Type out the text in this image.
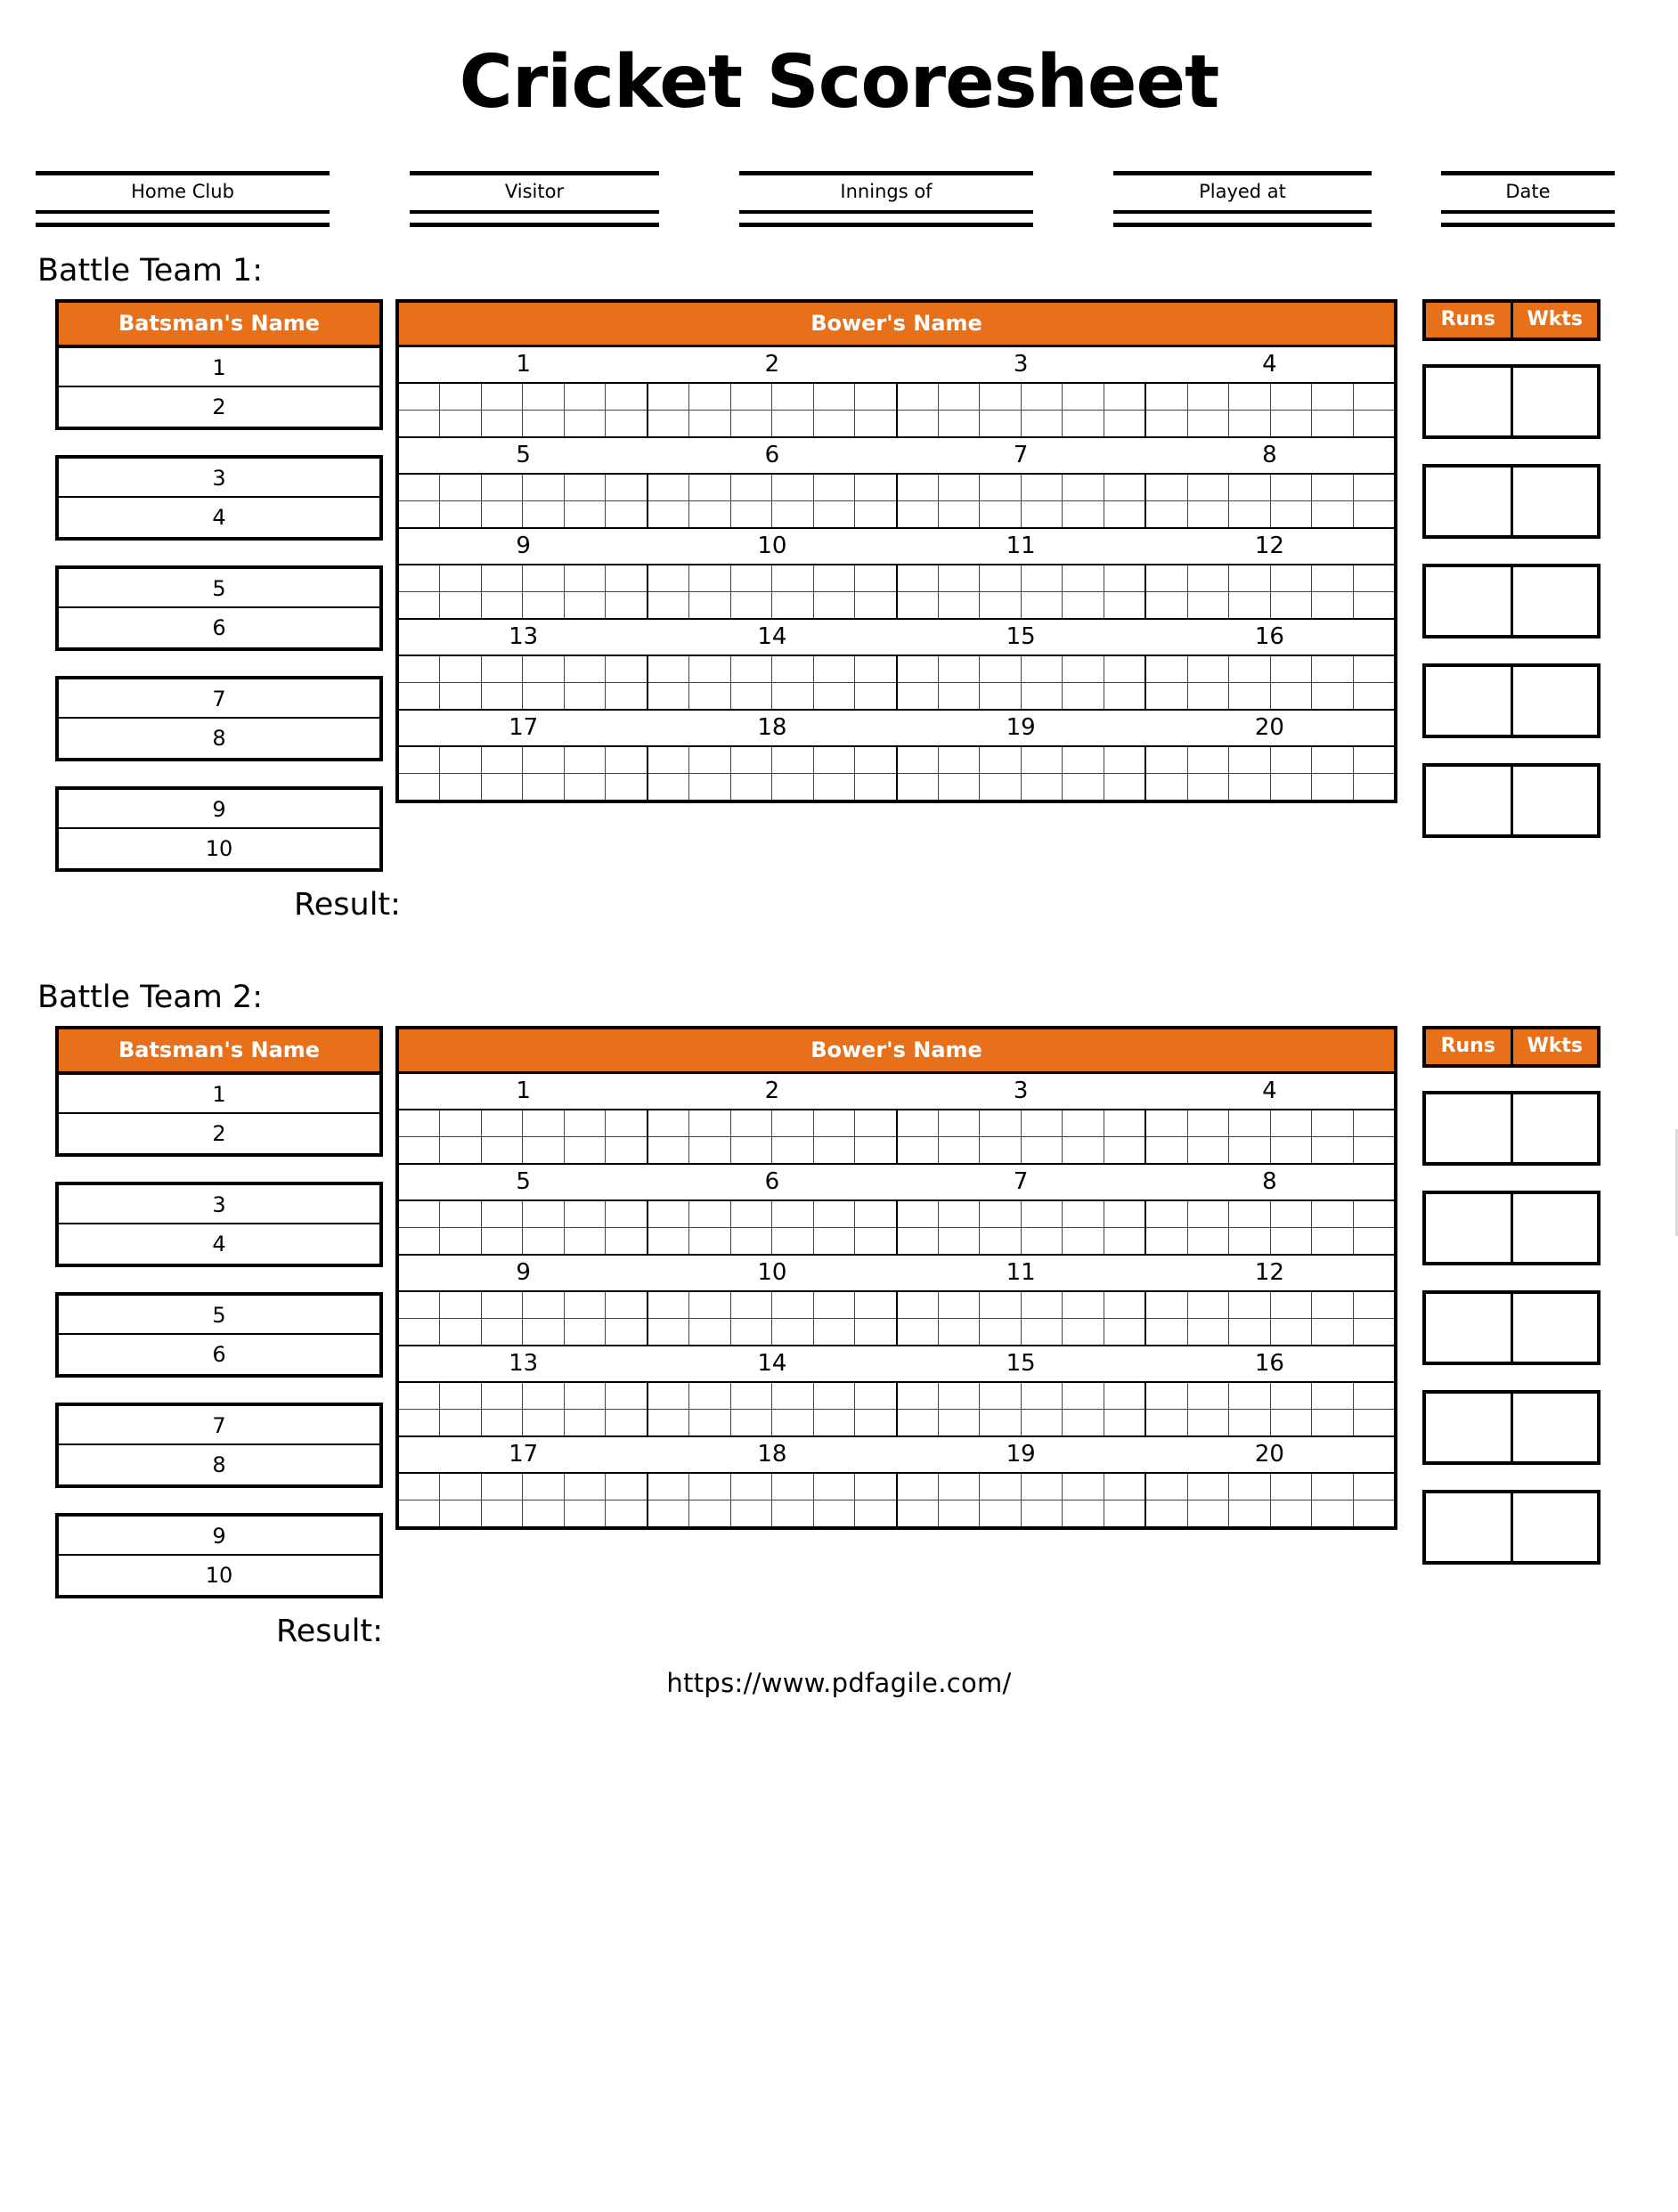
Cricket Scoresheet
Home Club	Visitor	Innings of	Played at	Date
Battle Team 1:
Batsman's Name
1
2
3
4
5
6
7
8
9
10
Bower's Name
1	2	3	4
5	6	7	8
9	10	11	12
13	14	15	16
17	18	19	20
Runs	Wkts
Result:
Battle Team 2:
Batsman's Name
1
2
3
4
5
6
7
8
9
10
Bower's Name
1	2	3	4
5	6	7	8
9	10	11	12
13	14	15	16
17	18	19	20
Runs	Wkts
Result:
https://www.pdfagile.com/
